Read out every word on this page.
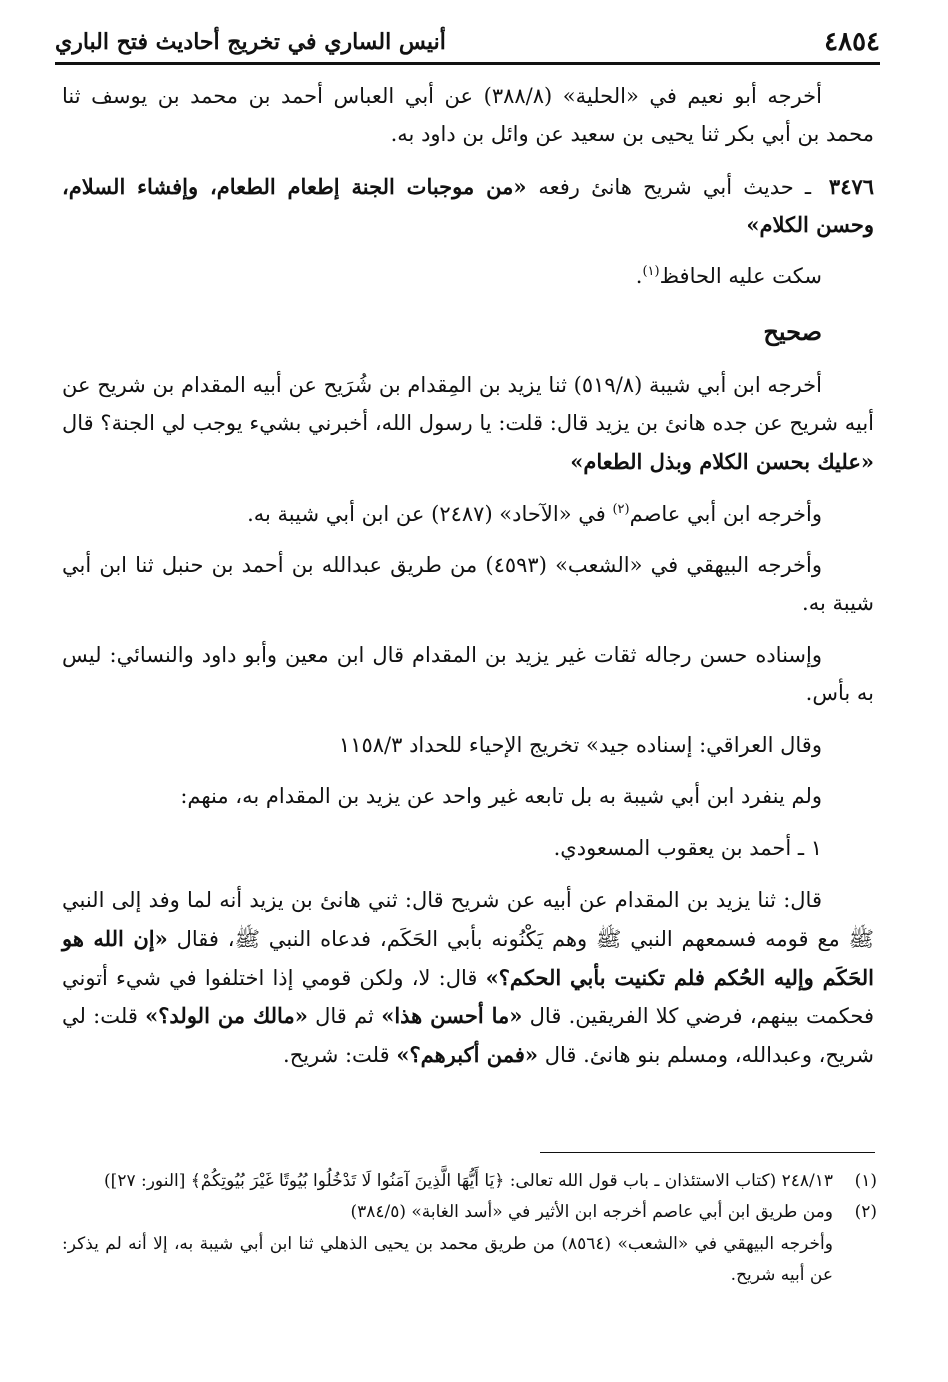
٤٨٥٤
أنيس الساري في تخريج أحاديث فتح الباري

أخرجه أبو نعيم في «الحلية» (٣٨٨/٨) عن أبي العباس أحمد بن محمد بن يوسف ثنا محمد بن أبي بكر ثنا يحيى بن سعيد عن وائل بن داود به.

٣٤٧٦ ـ حديث أبي شريح هانئ رفعه «من موجبات الجنة إطعام الطعام، وإفشاء السلام، وحسن الكلام»

سكت عليه الحافظ$^{(١)}$.

صحيح

أخرجه ابن أبي شيبة (٥١٩/٨) ثنا يزيد بن المِقدام بن شُرَيح عن أبيه المقدام بن شريح عن أبيه شريح عن جده هانئ بن يزيد قال: قلت: يا رسول الله، أخبرني بشيء يوجب لي الجنة؟ قال «عليك بحسن الكلام وبذل الطعام»

وأخرجه ابن أبي عاصم$^{(٢)}$ في «الآحاد» (٢٤٨٧) عن ابن أبي شيبة به.

وأخرجه البيهقي في «الشعب» (٤٥٩٣) من طريق عبدالله بن أحمد بن حنبل ثنا ابن أبي شيبة به.

وإسناده حسن رجاله ثقات غير يزيد بن المقدام قال ابن معين وأبو داود والنسائي: ليس به بأس.

وقال العراقي: إسناده جيد» تخريج الإحياء للحداد ١١٥٨/٣

ولم ينفرد ابن أبي شيبة به بل تابعه غير واحد عن يزيد بن المقدام به، منهم:

١ ـ أحمد بن يعقوب المسعودي.

قال: ثنا يزيد بن المقدام عن أبيه عن شريح قال: ثني هانئ بن يزيد أنه لما وفد إلى النبي ﷺ مع قومه فسمعهم النبي ﷺ وهم يَكْنُونه بأبي الحَكَم، فدعاه النبي ﷺ، فقال «إن الله هو الحَكَم وإليه الحُكم فلم تكنيت بأبي الحكم؟» قال: لا، ولكن قومي إذا اختلفوا في شيء أتوني فحكمت بينهم، فرضي كلا الفريقين. قال «ما أحسن هذا» ثم قال «مالك من الولد؟» قلت: لي شريح، وعبدالله، ومسلم بنو هانئ. قال «فمن أكبرهم؟» قلت: شريح.

(١)
٢٤٨/١٣ (كتاب الاستئذان ـ باب قول الله تعالى: ﴿يَا أَيُّهَا الَّذِينَ آمَنُوا لَا تَدْخُلُوا بُيُوتًا غَيْرَ بُيُوتِكُمْ﴾ [النور: ٢٧])
(٢)
ومن طريق ابن أبي عاصم أخرجه ابن الأثير في «أسد الغابة» (٣٨٤/٥)
وأخرجه البيهقي في «الشعب» (٨٥٦٤) من طريق محمد بن يحيى الذهلي ثنا ابن أبي شيبة به، إلا أنه لم يذكر: عن أبيه شريح.
